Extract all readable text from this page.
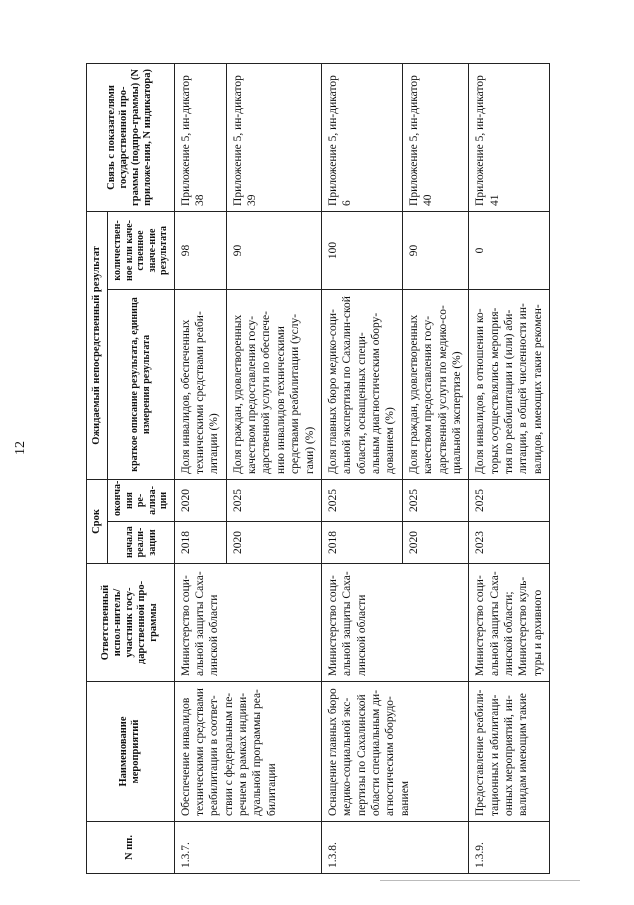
12
N пп.	Наименование мероприятий	Ответственный испол-нитель/участник госу-дарственной про-граммы	Срок		Ожидаемый непосредственный результат		Связь с показателями государственной про-граммы (подпро-граммы) (N приложе-ния, N индикатора)
			начала реали-зации	оконча-ния ре-ализа-ции	краткое описание результата, единица измерения результата	количествен-ное или каче-ственное значе-ние результата	
1.3.7.	Обеспечение инвалидов техническими средствами реабилитации в соответ-ствии с федеральным пе-речнем в рамках индиви-дуальной программы реа-билитации	Министерство соци-альной защиты Саха-линской области	2018	2020	Доля инвалидов, обеспеченных техническими средствами реаби-литации (%)	98	Приложение 5, ин-дикатор 38
			2020	2025	Доля граждан, удовлетворенных качеством предоставления госу-дарственной услуги по обеспече-нию инвалидов техническими средствами реабилитации (услу-гами) (%)	90	Приложение 5, ин-дикатор 39
1.3.8.	Оснащение главных бюро медико-социальной экс-пертизы по Сахалинской области специальным ди-агностическим оборудо-ванием	Министерство соци-альной защиты Саха-линской области	2018	2025	Доля главных бюро медико-соци-альной экспертизы по Сахалин-ской области, оснащенных специ-альным диагностическим обору-дованием (%)	100	Приложение 5, ин-дикатор 6
			2020	2025	Доля граждан, удовлетворенных качеством предоставления госу-дарственной услуги по медико-со-циальной экспертизе (%)	90	Приложение 5, ин-дикатор 40
1.3.9.	Предоставление реабили-тационных и абилитаци-онных мероприятий, ин-валидам имеющим такие	Министерство соци-альной защиты Саха-линской области; Министерство куль-туры и архивного	2023	2025	Доля инвалидов, в отношении ко-торых осуществлялись мероприя-тия по реабилитации и (или) аби-литации, в общей численности ин-валидов, имеющих такие рекомен-	0	Приложение 5, ин-дикатор 41
